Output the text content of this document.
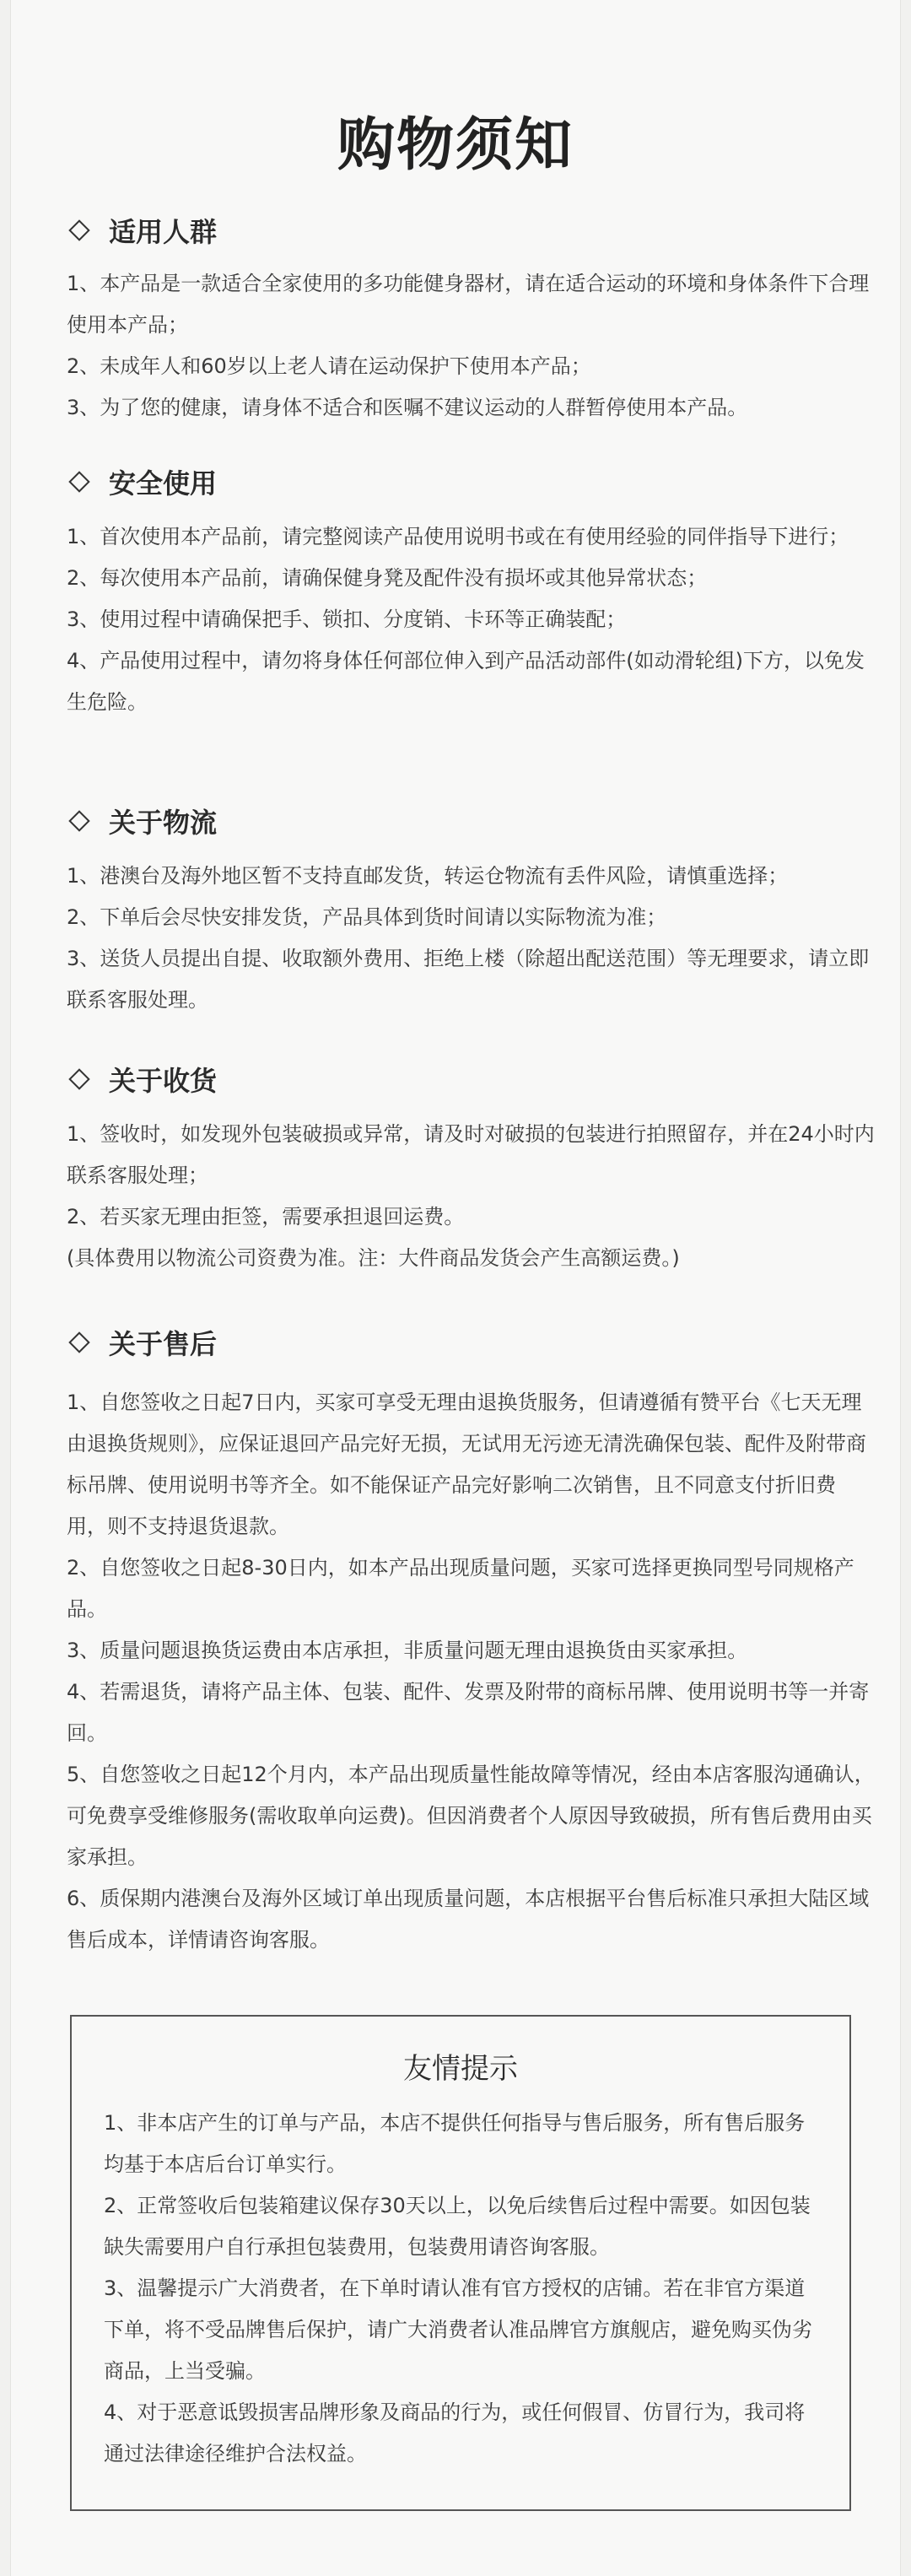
购物须知
适用人群

1、本产品是一款适合全家使用的多功能健身器材，请在适合运动的环境和身体条件下合理使用本产品；

2、未成年人和60岁以上老人请在运动保护下使用本产品；

3、为了您的健康，请身体不适合和医嘱不建议运动的人群暂停使用本产品。

安全使用

1、首次使用本产品前，请完整阅读产品使用说明书或在有使用经验的同伴指导下进行；

2、每次使用本产品前，请确保健身凳及配件没有损坏或其他异常状态；

3、使用过程中请确保把手、锁扣、分度销、卡环等正确装配；

4、产品使用过程中，请勿将身体任何部位伸入到产品活动部件(如动滑轮组)下方，以免发生危险。

关于物流

1、港澳台及海外地区暂不支持直邮发货，转运仓物流有丢件风险，请慎重选择；

2、下单后会尽快安排发货，产品具体到货时间请以实际物流为准；

3、送货人员提出自提、收取额外费用、拒绝上楼（除超出配送范围）等无理要求，请立即联系客服处理。

关于收货

1、签收时，如发现外包装破损或异常，请及时对破损的包装进行拍照留存，并在24小时内联系客服处理；

2、若买家无理由拒签，需要承担退回运费。

(具体费用以物流公司资费为准。注：大件商品发货会产生高额运费。)

关于售后

1、自您签收之日起7日内，买家可享受无理由退换货服务，但请遵循有赞平台《七天无理由退换货规则》，应保证退回产品完好无损，无试用无污迹无清洗确保包装、配件及附带商标吊牌、使用说明书等齐全。如不能保证产品完好影响二次销售，且不同意支付折旧费用，则不支持退货退款。

2、自您签收之日起8-30日内，如本产品出现质量问题，买家可选择更换同型号同规格产品。

3、质量问题退换货运费由本店承担，非质量问题无理由退换货由买家承担。

4、若需退货，请将产品主体、包装、配件、发票及附带的商标吊牌、使用说明书等一并寄回。

5、自您签收之日起12个月内，本产品出现质量性能故障等情况，经由本店客服沟通确认，可免费享受维修服务(需收取单向运费)。但因消费者个人原因导致破损，所有售后费用由买家承担。

6、质保期内港澳台及海外区域订单出现质量问题，本店根据平台售后标准只承担大陆区域售后成本，详情请咨询客服。

友情提示

1、非本店产生的订单与产品，本店不提供任何指导与售后服务，所有售后服务均基于本店后台订单实行。

2、正常签收后包装箱建议保存30天以上，以免后续售后过程中需要。如因包装缺失需要用户自行承担包装费用，包装费用请咨询客服。

3、温馨提示广大消费者，在下单时请认准有官方授权的店铺。若在非官方渠道下单，将不受品牌售后保护，请广大消费者认准品牌官方旗舰店，避免购买伪劣商品，上当受骗。

4、对于恶意诋毁损害品牌形象及商品的行为，或任何假冒、仿冒行为，我司将通过法律途径维护合法权益。
